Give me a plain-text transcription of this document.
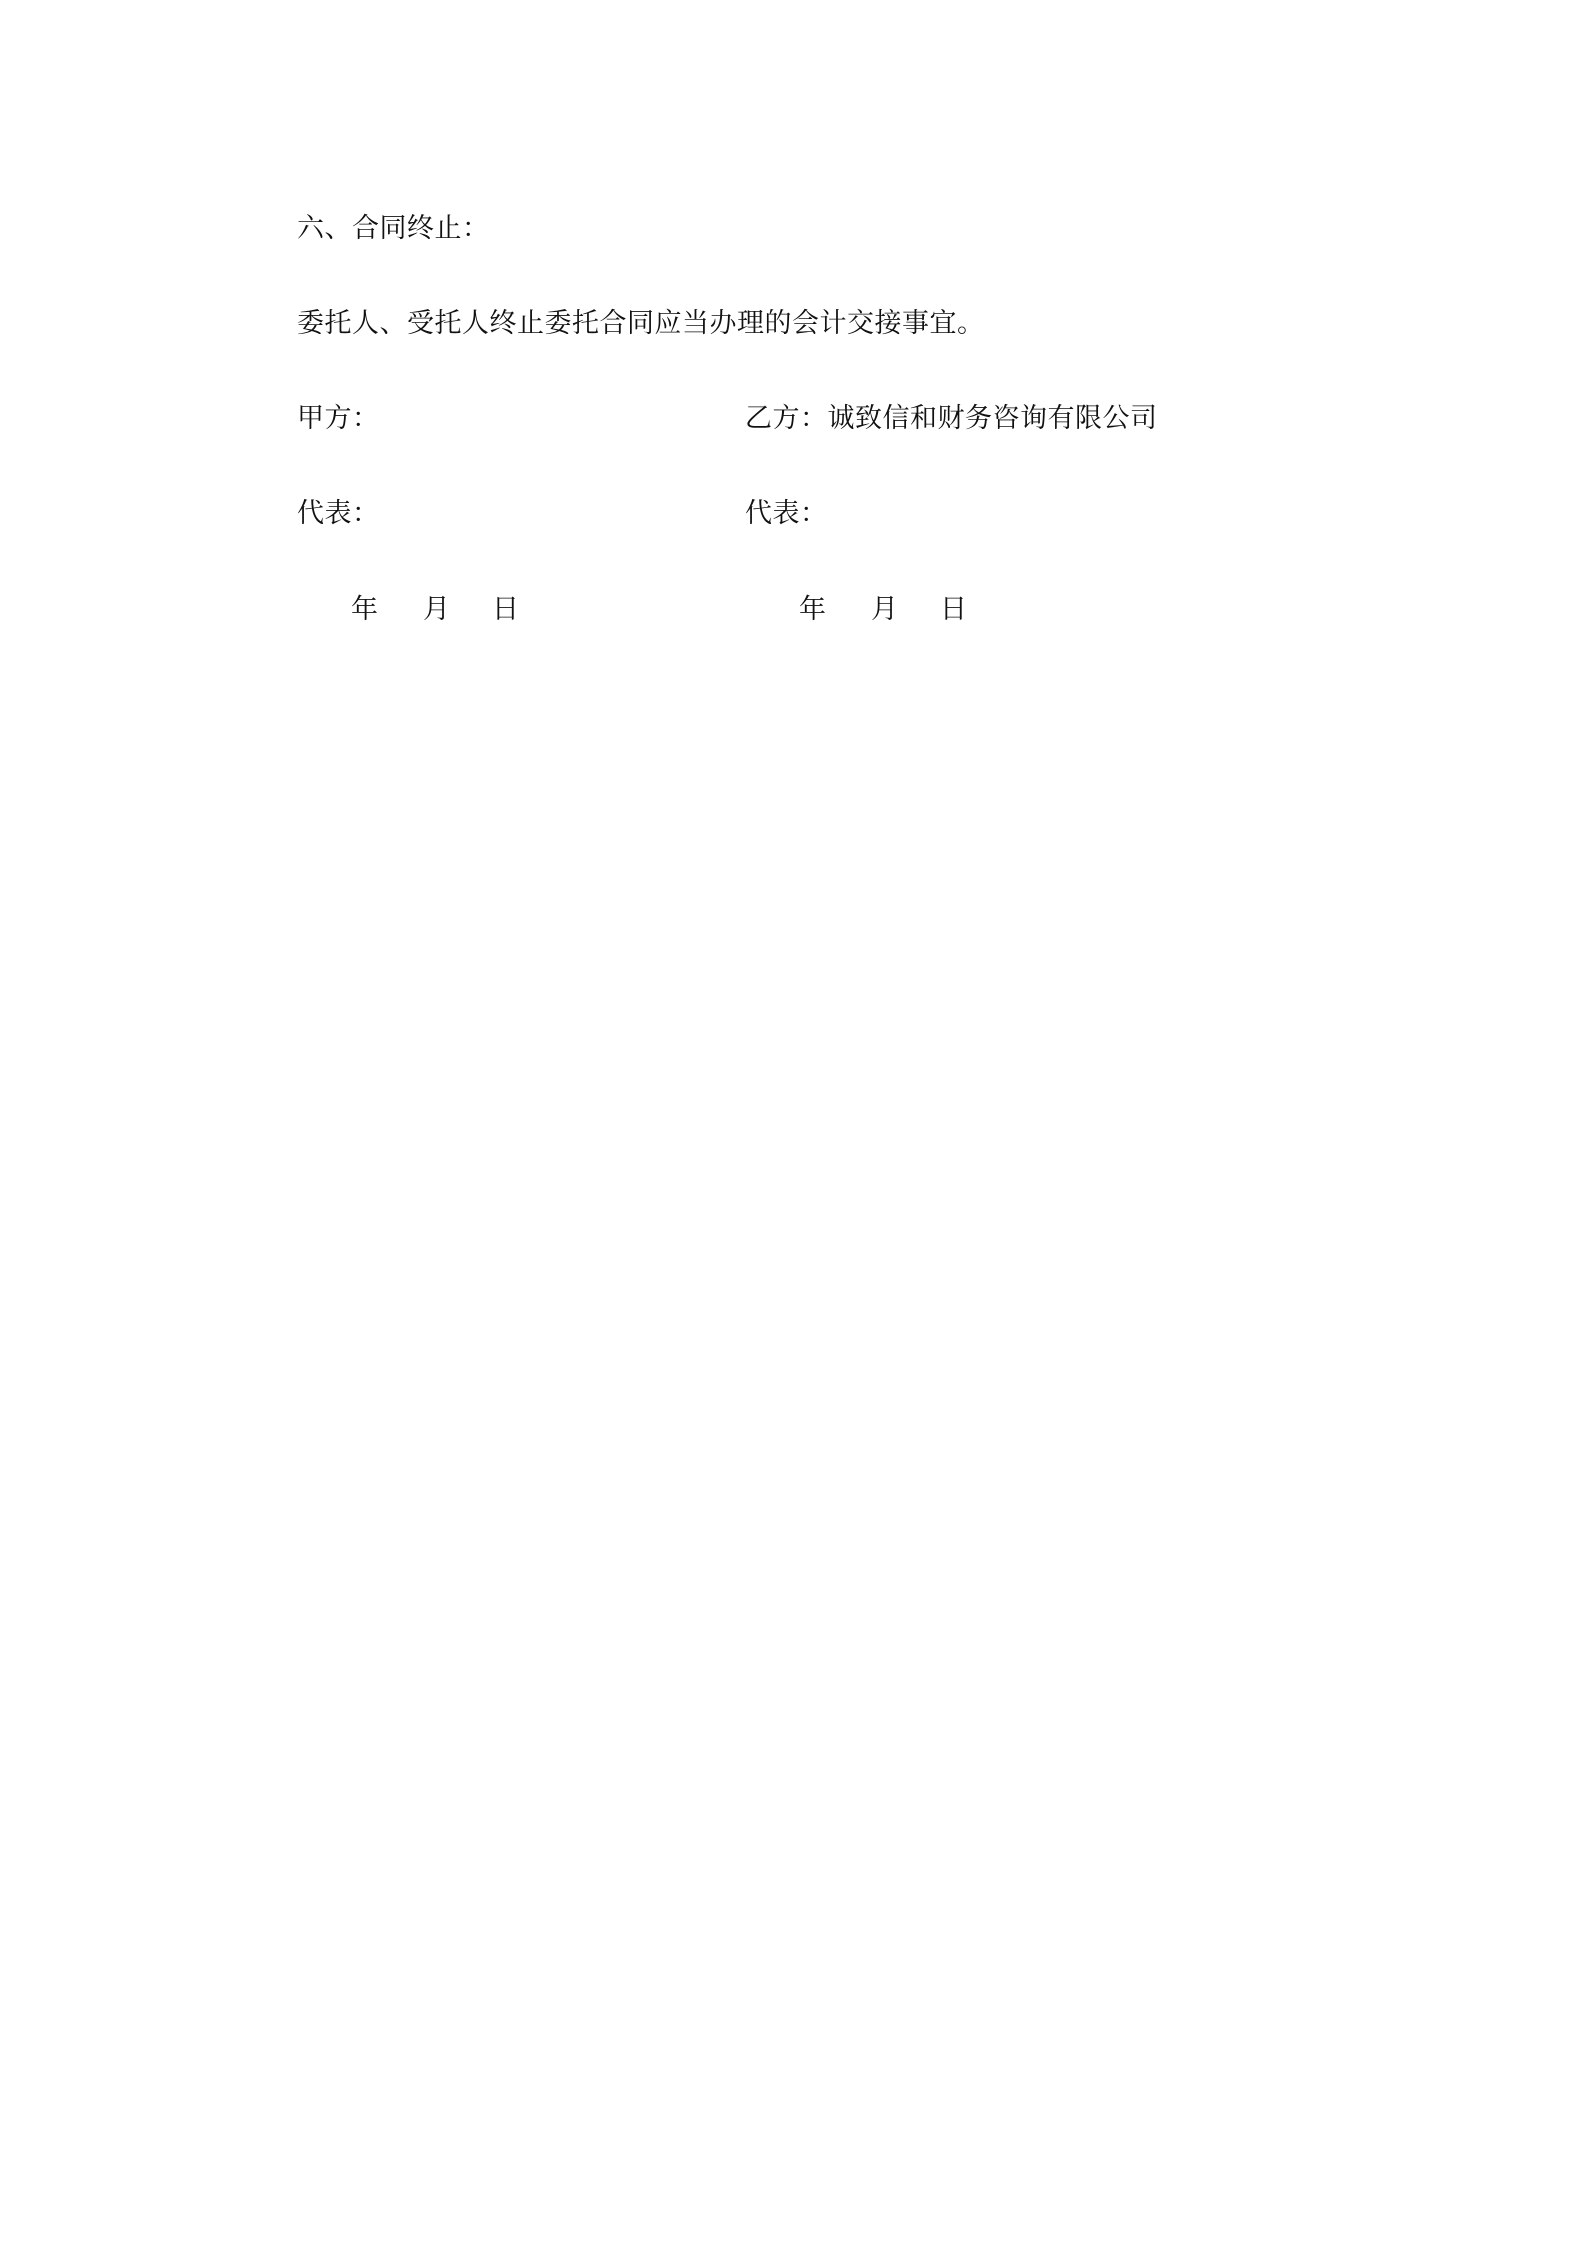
六、合同终止：
委托人、受托人终止委托合同应当办理的会计交接事宜。
甲方：	乙方：诚致信和财务咨询有限公司
代表：	代表：
年 月 日	年 月 日
